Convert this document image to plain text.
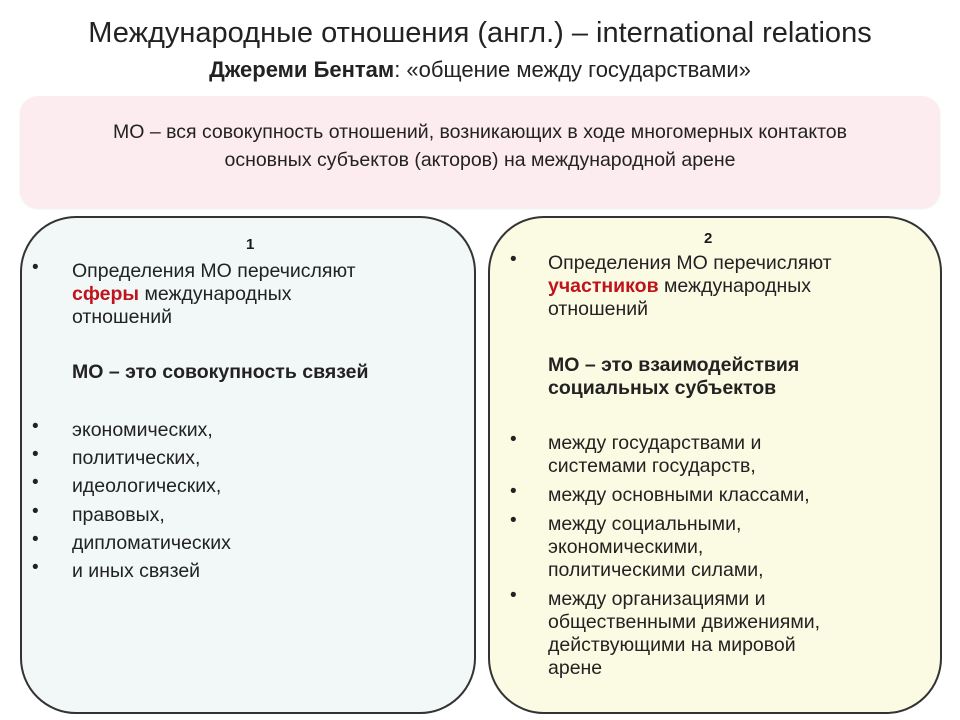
Международные отношения (англ.) – international relations
Джереми Бентам: «общение между государствами»
МО – вся совокупность отношений, возникающих в ходе многомерных контактов
основных субъектов (акторов) на международной арене
1
• Определения МО перечисляют
сферы международных
отношений
МО – это совокупность связей
• экономических,
• политических,
• идеологических,
• правовых,
• дипломатических
• и иных связей
2
• Определения МО перечисляют
участников международных
отношений
МО – это взаимодействия
социальных субъектов
• между государствами и
системами государств,
• между основными классами,
• между социальными,
экономическими,
политическими силами,
• между организациями и
общественными движениями,
действующими на мировой
арене
